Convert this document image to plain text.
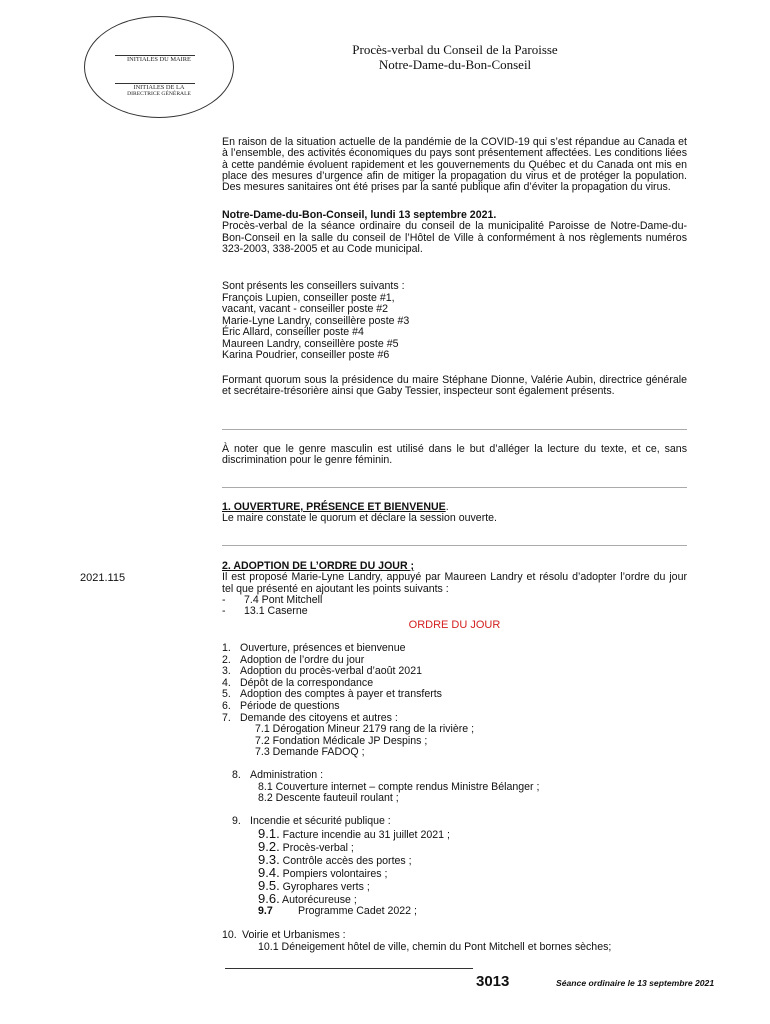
INITIALES DU MAIRE
INITIALES DE LA
DIRECTRICE GÉNÉRALE
Procès-verbal du Conseil de la Paroisse
Notre-Dame-du-Bon-Conseil
En raison de la situation actuelle de la pandémie de la COVID-19 qui s’est répandue au Canada et à l’ensemble, des activités économiques du pays sont présentement affectées. Les conditions liées à cette pandémie évoluent rapidement et les gouvernements du Québec et du Canada ont mis en place des mesures d’urgence afin de mitiger la propagation du virus et de protéger la population. Des mesures sanitaires ont été prises par la santé publique afin d’éviter la propagation du virus.
Notre-Dame-du-Bon-Conseil, lundi 13 septembre 2021.
Procès-verbal de la séance ordinaire du conseil de la municipalité Paroisse de Notre-Dame-du-Bon-Conseil en la salle du conseil de l’Hôtel de Ville à conformément à nos règlements numéros 323-2003, 338-2005 et au Code municipal.
Sont présents les conseillers suivants :
François Lupien, conseiller poste #1,
vacant, vacant - conseiller poste #2
Marie-Lyne Landry, conseillère poste #3
Éric Allard, conseiller poste #4
Maureen Landry, conseillère poste #5
Karina Poudrier, conseiller poste #6
Formant quorum sous la présidence du maire Stéphane Dionne, Valérie Aubin, directrice générale et secrétaire-trésorière ainsi que Gaby Tessier, inspecteur sont également présents.
À noter que le genre masculin est utilisé dans le but d’alléger la lecture du texte, et ce, sans discrimination pour le genre féminin.
1. OUVERTURE, PRÉSENCE ET BIENVENUE.
Le maire constate le quorum et déclare la session ouverte.
2021.115
2. ADOPTION DE L’ORDRE DU JOUR ;
Il est proposé Marie-Lyne Landry, appuyé par Maureen Landry et résolu d’adopter l’ordre du jour tel que présenté en ajoutant les points suivants :
- 7.4 Pont Mitchell
- 13.1 Caserne
ORDRE DU JOUR
1. Ouverture, présences et bienvenue
2. Adoption de l’ordre du jour
3. Adoption du procès-verbal d’août 2021
4. Dépôt de la correspondance
5. Adoption des comptes à payer et transferts
6. Période de questions
7. Demande des citoyens et autres :
7.1 Dérogation Mineur 2179 rang de la rivière ;
7.2 Fondation Médicale JP Despins ;
7.3 Demande FADOQ ;
8. Administration :
8.1 Couverture internet – compte rendus Ministre Bélanger ;
8.2 Descente fauteuil roulant ;
9. Incendie et sécurité publique :
9.1. Facture incendie au 31 juillet 2021 ;
9.2. Procès-verbal ;
9.3. Contrôle accès des portes ;
9.4. Pompiers volontaires ;
9.5. Gyrophares verts ;
9.6. Autorécureuse ;
9.7 Programme Cadet 2022 ;
10. Voirie et Urbanismes :
10.1 Déneigement hôtel de ville, chemin du Pont Mitchell et bornes sèches;
3013	Séance ordinaire le 13 septembre 2021
